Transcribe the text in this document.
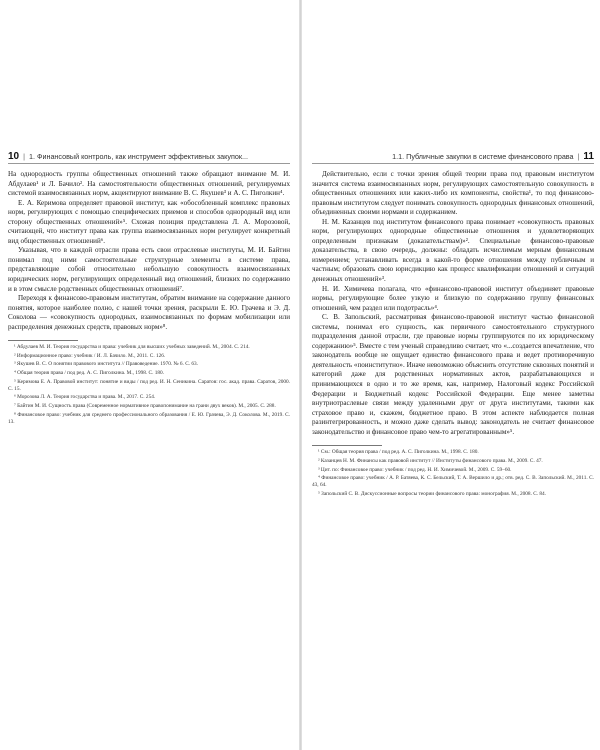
10 | 1. Финансовый контроль, как инструмент эффективных закупок...

На однородность группы общественных отношений также обращают внимание М. И. Абдулаев¹ и Л. Бачило². На самостоятельности общественных отношений, регулируемых системой взаимосвязанных норм, акцентируют внимание В. С. Якушев³ и А. С. Пиголкин⁴.

Е. А. Керимова определяет правовой институт, как «обособленный комплекс правовых норм, регулирующих с помощью специфических приемов и способов однородный вид или сторону общественных отношений»⁵. Схожая позиция представлена Л. А. Морозовой, считающей, что институт права как группа взаимосвязанных норм регулирует конкретный вид общественных отношений⁶.

Указывая, что в каждой отрасли права есть свои отраслевые институты, М. И. Байтин понимал под ними самостоятельные структурные элементы в системе права, представляющие собой относительно небольшую совокупность взаимосвязанных юридических норм, регулирующих определенный вид отношений, близких по содержанию и в этом смысле родственных общественных отношений⁷.

Переходя к финансово-правовым институтам, обратим внимание на содержание данного понятия, которое наиболее полно, с нашей точки зрения, раскрыли Е. Ю. Грачева и Э. Д. Соколова — «совокупность однородных, взаимосвязанных по формам мобилизации или распределения денежных средств, правовых норм»⁸.

¹ Абдулаев М. И. Теория государства и права: учебник для высших учебных заведений. М., 2004. С. 214.

² Информационное право: учебник / И. Л. Бачило. М., 2011. С. 126.

³ Якушев В. С. О понятии правового института // Правоведение. 1970. № 6. С. 63.

⁴ Общая теория права / под ред. А. С. Пиголкина. М., 1998. С. 180.

⁵ Керимова Е. А. Правовой институт: понятие и виды / под ред. И. Н. Сеникина. Саратов: гос. акад. права. Саратов, 2000. С. 15.

⁶ Морозова Л. А. Теория государства и права. М., 2017. С. 254.

⁷ Байтин М. И. Сущность права (Современное нормативное правопонимание на грани двух веков). М., 2005. С. 288.

⁸ Финансовое право: учебник для среднего профессионального образования / Е. Ю. Грачева, Э. Д. Соколова. М., 2019. С. 13.

1.1. Публичные закупки в системе финансового права | 11

Действительно, если с точки зрения общей теории права под правовым институтом значится система взаимосвязанных норм, регулирующих самостоятельную совокупность в общественных отношениях или каких-либо их компоненты, свойства¹, то под финансово-правовым институтом следует понимать совокупность однородных финансовых отношений, объединенных своими нормами и содержанием.

Н. М. Казанцев под институтом финансового права понимает «совокупность правовых норм, регулирующих однородные общественные отношения и удовлетворяющих определенным признакам (доказательствам)»². Специальные финансово-правовые доказательства, в свою очередь, должны: обладать исчислимым мерным финансовым измерением; устанавливать всегда в какой-то форме отношения между публичным и частным; образовать свою юрисдикцию как процесс квалификации отношений и ситуаций денежных отношений»³.

Н. И. Химичева полагала, что «финансово-правовой институт объединяет правовые нормы, регулирующие более узкую и близкую по содержанию группу финансовых отношений, чем раздел или подотрасль»⁴.

С. В. Запольский, рассматривая финансово-правовой институт частью финансовой системы, понимал его сущность, как первичного самостоятельного структурного подразделения данной отрасли, где правовые нормы группируются по их юридическому содержанию»⁵. Вместе с тем ученый справедливо считает, что «...создается впечатление, что законодатель вообще не ощущает единство финансового права и ведет противоречивую деятельность «поинститутно». Иначе невозможно объяснить отсутствие сквозных понятий и категорий даже для родственных нормативных актов, разрабатывающихся и принимающихся в одно и то же время, как, например, Налоговый кодекс Российской Федерации и Бюджетный кодекс Российской Федерации. Еще менее заметны внутриотраслевые связи между удаленными друг от друга институтами, такими как страховое право и, скажем, бюджетное право. В этом аспекте наблюдается полная разинтегрированность, и можно даже сделать вывод: законодатель не считает финансовое законодательство и финансовое право чем-то агрегатированным»⁵.

¹ См.: Общая теория права / под ред. А. С. Пиголкина. М., 1998. С. 180.

² Казанцев Н. М. Финансы как правовой институт // Институты финансового права. М., 2009. С. 47.

³ Цит. по: Финансовое право: учебник / под ред. Н. И. Химичевой. М., 2009. С. 59–60.

⁴ Финансовое право: учебник / А. Р. Батяева, К. С. Бельский, Т. А. Вершило и др.; отв. ред. С. В. Запольский. М., 2011. С. 43, 64.

⁵ Запольский С. В. Дискуссионные вопросы теории финансового права: монография. М., 2008. С. 84.
